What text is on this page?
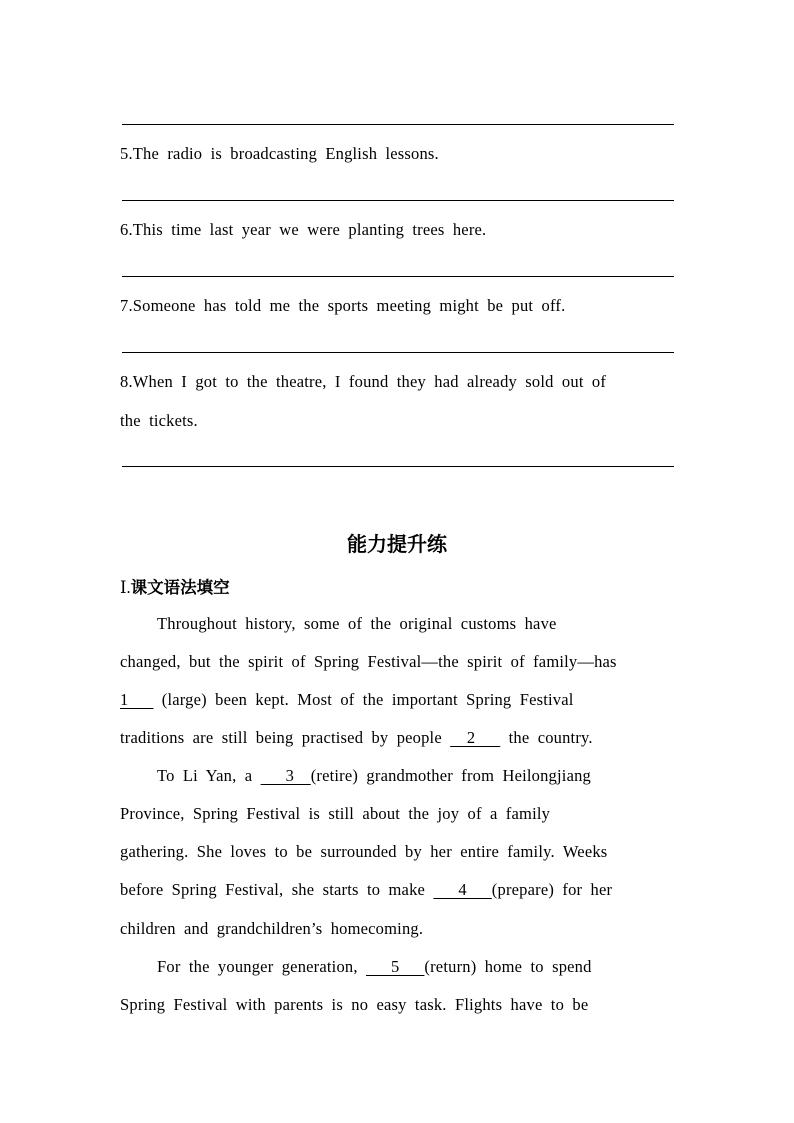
5.The radio is broadcasting English lessons.
6.This time last year we were planting trees here.
7.Someone has told me the sports meeting might be put off.
8.When I got to the theatre, I found they had already sold out of
the tickets.
能力提升练
Ⅰ.课文语法填空
Throughout history, some of the original customs have
changed, but the spirit of Spring Festival—the spirit of family—has
1    (large) been kept. Most of the important Spring Festival
traditions are still being practised by people   2    the country.
To Li Yan, a    3  (retire) grandmother from Heilongjiang
Province, Spring Festival is still about the joy of a family
gathering. She loves to be surrounded by her entire family. Weeks
before Spring Festival, she starts to make    4   (prepare) for her
children and grandchildren’s homecoming.
For the younger generation,    5   (return) home to spend
Spring Festival with parents is no easy task. Flights have to be
